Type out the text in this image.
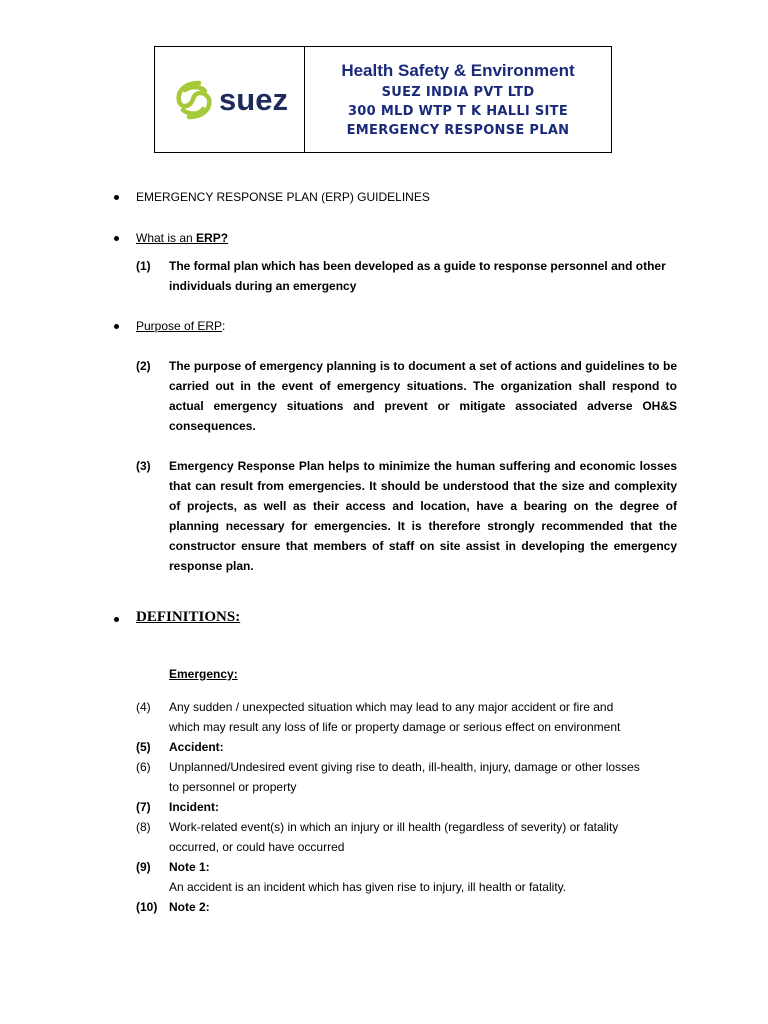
suez
Health Safety & Environment
SUEZ INDIA PVT LTD
300 MLD WTP T K HALLI SITE
EMERGENCY RESPONSE PLAN
EMERGENCY RESPONSE PLAN (ERP) GUIDELINES
What is an ERP?
(1) The formal plan which has been developed as a guide to response personnel and other individuals during an emergency
Purpose of ERP:
(2) The purpose of emergency planning is to document a set of actions and guidelines to be carried out in the event of emergency situations. The organization shall respond to actual emergency situations and prevent or mitigate associated adverse OH&S consequences.
(3) Emergency Response Plan helps to minimize the human suffering and economic losses that can result from emergencies. It should be understood that the size and complexity of projects, as well as their access and location, have a bearing on the degree of planning necessary for emergencies. It is therefore strongly recommended that the constructor ensure that members of staff on site assist in developing the emergency response plan.
DEFINITIONS:
Emergency:
(4) Any sudden / unexpected situation which may lead to any major accident or fire and
which may result any loss of life or property damage or serious effect on environment
(5) Accident:
(6) Unplanned/Undesired event giving rise to death, ill-health, injury, damage or other losses
to personnel or property
(7) Incident:
(8) Work-related event(s) in which an injury or ill health (regardless of severity) or fatality
occurred, or could have occurred
(9) Note 1:
An accident is an incident which has given rise to injury, ill health or fatality.
(10) Note 2:
